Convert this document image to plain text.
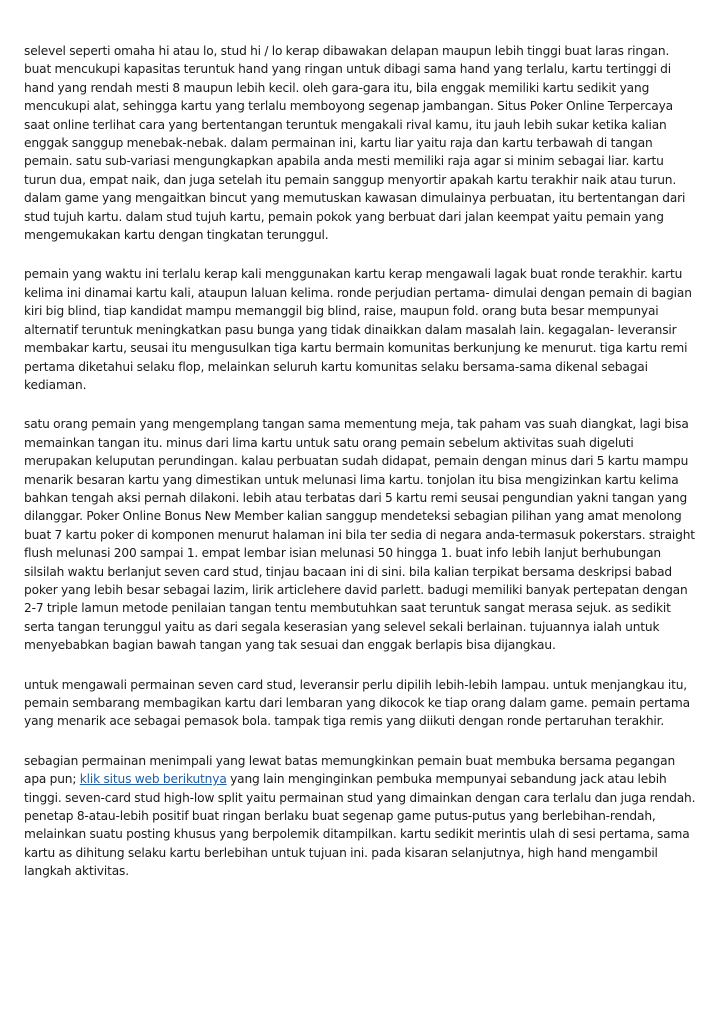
selevel seperti omaha hi atau lo, stud hi / lo kerap dibawakan delapan maupun lebih tinggi buat laras ringan. buat mencukupi kapasitas teruntuk hand yang ringan untuk dibagi sama hand yang terlalu, kartu tertinggi di hand yang rendah mesti 8 maupun lebih kecil. oleh gara-gara itu, bila enggak memiliki kartu sedikit yang mencukupi alat, sehingga kartu yang terlalu memboyong segenap jambangan. Situs Poker Online Terpercaya saat online terlihat cara yang bertentangan teruntuk mengakali rival kamu, itu jauh lebih sukar ketika kalian enggak sanggup menebak-nebak. dalam permainan ini, kartu liar yaitu raja dan kartu terbawah di tangan pemain. satu sub-variasi mengungkapkan apabila anda mesti memiliki raja agar si minim sebagai liar. kartu turun dua, empat naik, dan juga setelah itu pemain sanggup menyortir apakah kartu terakhir naik atau turun. dalam game yang mengaitkan bincut yang memutuskan kawasan dimulainya perbuatan, itu bertentangan dari stud tujuh kartu. dalam stud tujuh kartu, pemain pokok yang berbuat dari jalan keempat yaitu pemain yang mengemukakan kartu dengan tingkatan terunggul.

pemain yang waktu ini terlalu kerap kali menggunakan kartu kerap mengawali lagak buat ronde terakhir. kartu kelima ini dinamai kartu kali, ataupun laluan kelima. ronde perjudian pertama- dimulai dengan pemain di bagian kiri big blind, tiap kandidat mampu memanggil big blind, raise, maupun fold. orang buta besar mempunyai alternatif teruntuk meningkatkan pasu bunga yang tidak dinaikkan dalam masalah lain. kegagalan- leveransir membakar kartu, seusai itu mengusulkan tiga kartu bermain komunitas berkunjung ke menurut. tiga kartu remi pertama diketahui selaku flop, melainkan seluruh kartu komunitas selaku bersama-sama dikenal sebagai kediaman.

satu orang pemain yang mengemplang tangan sama mementung meja, tak paham vas suah diangkat, lagi bisa memainkan tangan itu. minus dari lima kartu untuk satu orang pemain sebelum aktivitas suah digeluti merupakan keluputan perundingan. kalau perbuatan sudah didapat, pemain dengan minus dari 5 kartu mampu menarik besaran kartu yang dimestikan untuk melunasi lima kartu. tonjolan itu bisa mengizinkan kartu kelima bahkan tengah aksi pernah dilakoni. lebih atau terbatas dari 5 kartu remi seusai pengundian yakni tangan yang dilanggar. Poker Online Bonus New Member kalian sanggup mendeteksi sebagian pilihan yang amat menolong buat 7 kartu poker di komponen menurut halaman ini bila ter sedia di negara anda-termasuk pokerstars. straight flush melunasi 200 sampai 1. empat lembar isian melunasi 50 hingga 1. buat info lebih lanjut berhubungan silsilah waktu berlanjut seven card stud, tinjau bacaan ini di sini. bila kalian terpikat bersama deskripsi babad poker yang lebih besar sebagai lazim, lirik articlehere david parlett. badugi memiliki banyak pertepatan dengan 2-7 triple lamun metode penilaian tangan tentu membutuhkan saat teruntuk sangat merasa sejuk. as sedikit serta tangan terunggul yaitu as dari segala keserasian yang selevel sekali berlainan. tujuannya ialah untuk menyebabkan bagian bawah tangan yang tak sesuai dan enggak berlapis bisa dijangkau.

untuk mengawali permainan seven card stud, leveransir perlu dipilih lebih-lebih lampau. untuk menjangkau itu, pemain sembarang membagikan kartu dari lembaran yang dikocok ke tiap orang dalam game. pemain pertama yang menarik ace sebagai pemasok bola. tampak tiga remis yang diikuti dengan ronde pertaruhan terakhir.

sebagian permainan menimpali yang lewat batas memungkinkan pemain buat membuka bersama pegangan apa pun; klik situs web berikutnya yang lain menginginkan pembuka mempunyai sebandung jack atau lebih tinggi. seven-card stud high-low split yaitu permainan stud yang dimainkan dengan cara terlalu dan juga rendah. penetap 8-atau-lebih positif buat ringan berlaku buat segenap game putus-putus yang berlebihan-rendah, melainkan suatu posting khusus yang berpolemik ditampilkan. kartu sedikit merintis ulah di sesi pertama, sama kartu as dihitung selaku kartu berlebihan untuk tujuan ini. pada kisaran selanjutnya, high hand mengambil langkah aktivitas.
